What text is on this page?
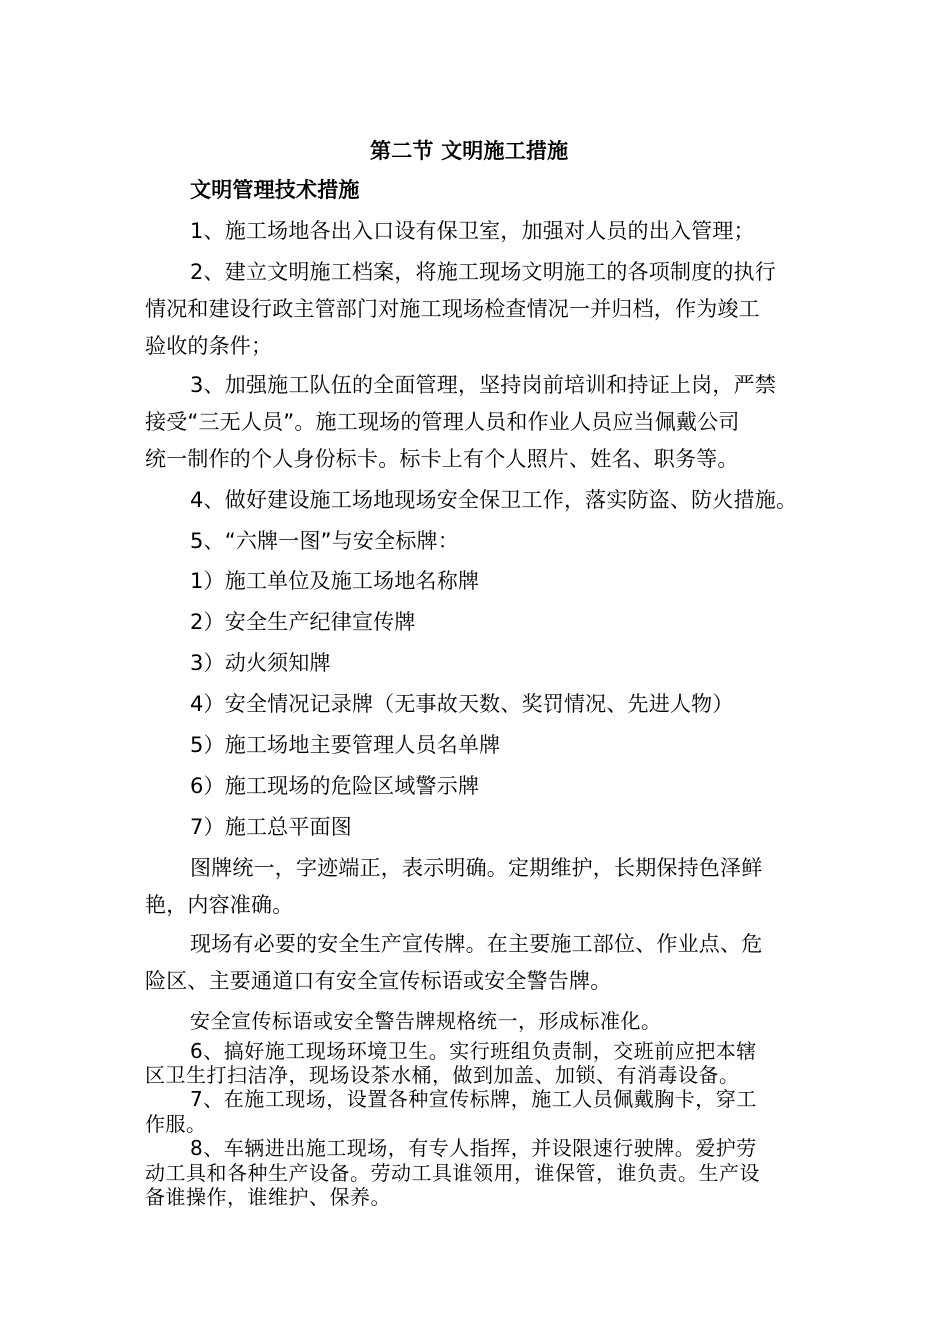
第二节 文明施工措施

文明管理技术措施

1、施工场地各出入口设有保卫室，加强对人员的出入管理；

2、建立文明施工档案，将施工现场文明施工的各项制度的执行

情况和建设行政主管部门对施工现场检查情况一并归档，作为竣工

验收的条件；

3、加强施工队伍的全面管理，坚持岗前培训和持证上岗，严禁

接受“三无人员”。施工现场的管理人员和作业人员应当佩戴公司

统一制作的个人身份标卡。标卡上有个人照片、姓名、职务等。

4、做好建设施工场地现场安全保卫工作，落实防盗、防火措施。

5、“六牌一图”与安全标牌：

1）施工单位及施工场地名称牌

2）安全生产纪律宣传牌

3）动火须知牌

4）安全情况记录牌（无事故天数、奖罚情况、先进人物）

5）施工场地主要管理人员名单牌

6）施工现场的危险区域警示牌

7）施工总平面图

图牌统一，字迹端正，表示明确。定期维护，长期保持色泽鲜

艳，内容准确。

现场有必要的安全生产宣传牌。在主要施工部位、作业点、危

险区、主要通道口有安全宣传标语或安全警告牌。

安全宣传标语或安全警告牌规格统一，形成标准化。

6、搞好施工现场环境卫生。实行班组负责制，交班前应把本辖

区卫生打扫洁净，现场设茶水桶，做到加盖、加锁、有消毒设备。

7、在施工现场，设置各种宣传标牌，施工人员佩戴胸卡，穿工

作服。

8、车辆进出施工现场，有专人指挥，并设限速行驶牌。爱护劳

动工具和各种生产设备。劳动工具谁领用，谁保管，谁负责。生产设

备谁操作，谁维护、保养。
